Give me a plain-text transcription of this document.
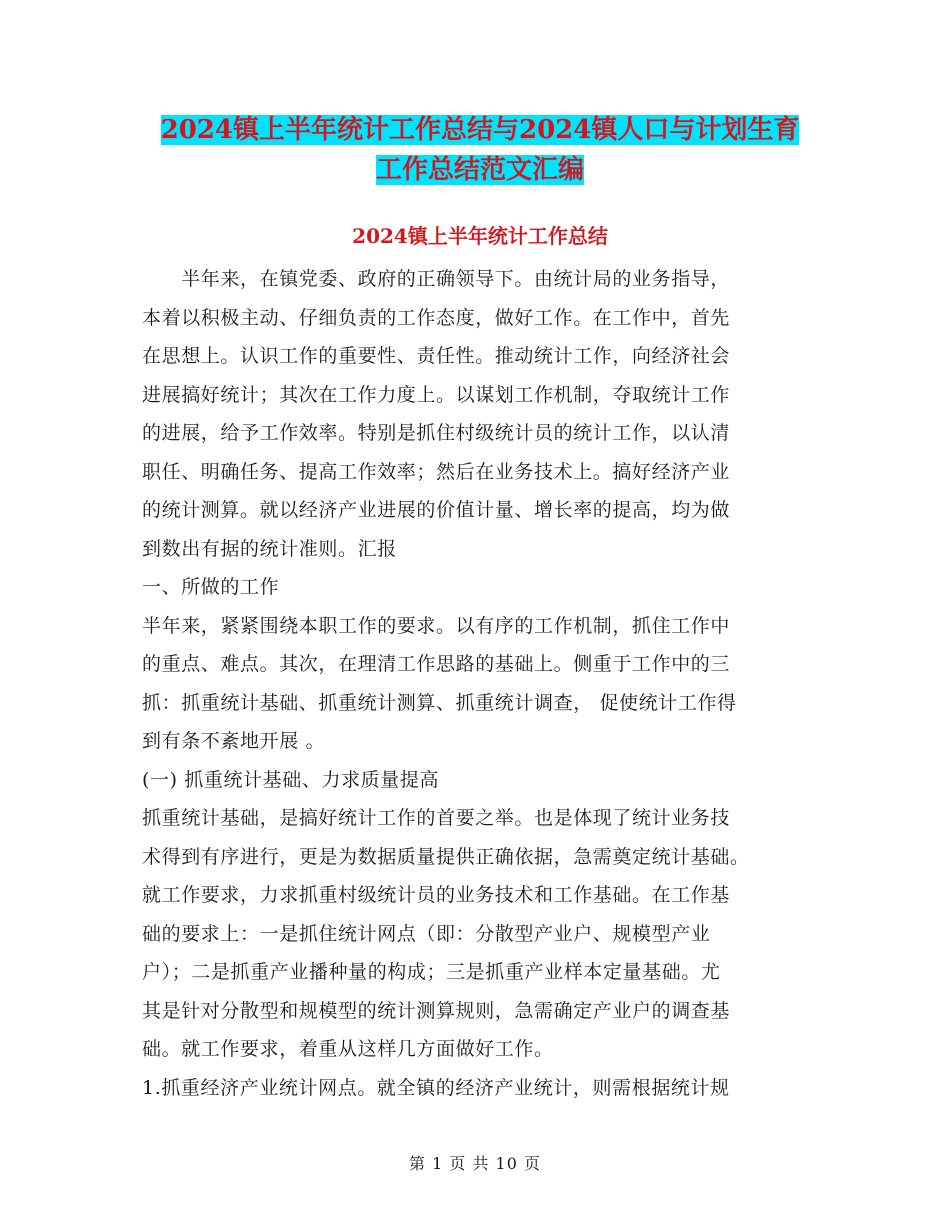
2024镇上半年统计工作总结与2024镇人口与计划生育
工作总结范文汇编
2024镇上半年统计工作总结
　　半年来，在镇党委、政府的正确领导下。由统计局的业务指导，
本着以积极主动、仔细负责的工作态度，做好工作。在工作中，首先
在思想上。认识工作的重要性、责任性。推动统计工作，向经济社会
进展搞好统计；其次在工作力度上。以谋划工作机制，夺取统计工作
的进展，给予工作效率。特别是抓住村级统计员的统计工作，以认清
职任、明确任务、提高工作效率；然后在业务技术上。搞好经济产业
的统计测算。就以经济产业进展的价值计量、增长率的提高，均为做
到数出有据的统计准则。汇报
一、所做的工作
半年来，紧紧围绕本职工作的要求。以有序的工作机制，抓住工作中
的重点、难点。其次，在理清工作思路的基础上。侧重于工作中的三
抓：抓重统计基础、抓重统计测算、抓重统计调查， 促使统计工作得
到有条不紊地开展 。
(一) 抓重统计基础、力求质量提高
抓重统计基础，是搞好统计工作的首要之举。也是体现了统计业务技
术得到有序进行，更是为数据质量提供正确依据，急需奠定统计基础。
就工作要求，力求抓重村级统计员的业务技术和工作基础。在工作基
础的要求上：一是抓住统计网点（即：分散型产业户、规模型产业
户）；二是抓重产业播种量的构成；三是抓重产业样本定量基础。尤
其是针对分散型和规模型的统计测算规则，急需确定产业户的调查基
础。就工作要求，着重从这样几方面做好工作。
1.抓重经济产业统计网点。就全镇的经济产业统计，则需根据统计规
第 1 页 共 10 页
